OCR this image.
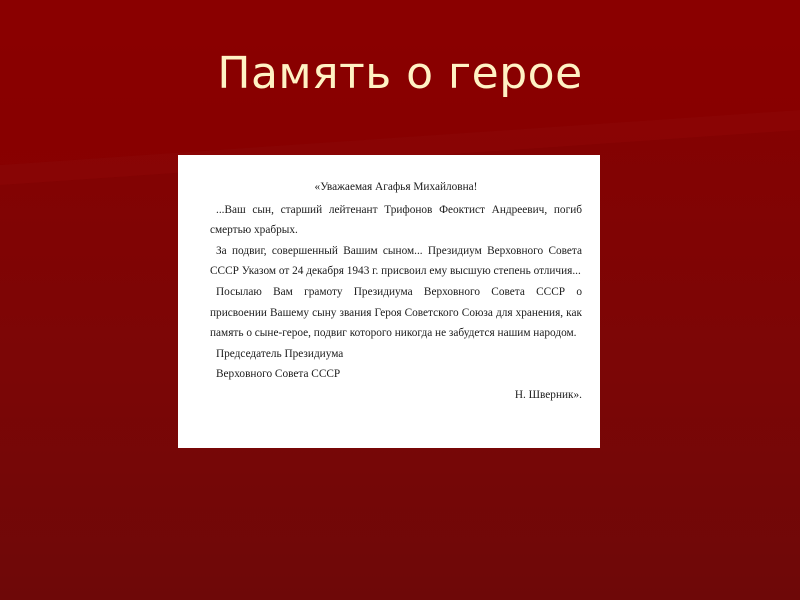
Память о герое

«Уважаемая Агафья Михайловна!

...Ваш сын, старший лейтенант Трифонов Феоктист Андреевич, погиб смертью храбрых.

За подвиг, совершенный Вашим сыном... Президиум Верховного Совета СССР Указом от 24 декабря 1943 г. присвоил ему высшую степень отличия...

Посылаю Вам грамоту Президиума Верховного Совета СССР о присвоении Вашему сыну звания Героя Советского Союза для хранения, как память о сыне-герое, подвиг которого никогда не забудется нашим народом.

Председатель Президиума

Верховного Совета СССР

Н. Шверник».
